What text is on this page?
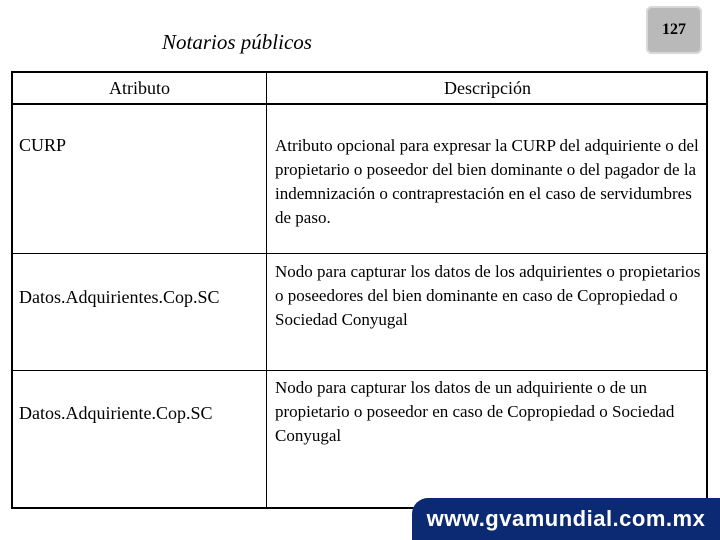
Notarios públicos
127
Atributo	Descripción
CURP	Atributo opcional para expresar la CURP del adquiriente o del propietario o poseedor del bien dominante o del pagador de la indemnización o contraprestación en el caso de servidumbres de paso.
Datos.Adquirientes.Cop.SC
Nodo para capturar los datos de los adquirientes o propietarios o poseedores del bien dominante en caso de Copropiedad o Sociedad Conyugal
Datos.Adquiriente.Cop.SC
Nodo para capturar los datos de un adquiriente o de un propietario o poseedor en caso de Copropiedad o Sociedad Conyugal
www.gvamundial.com.mx
